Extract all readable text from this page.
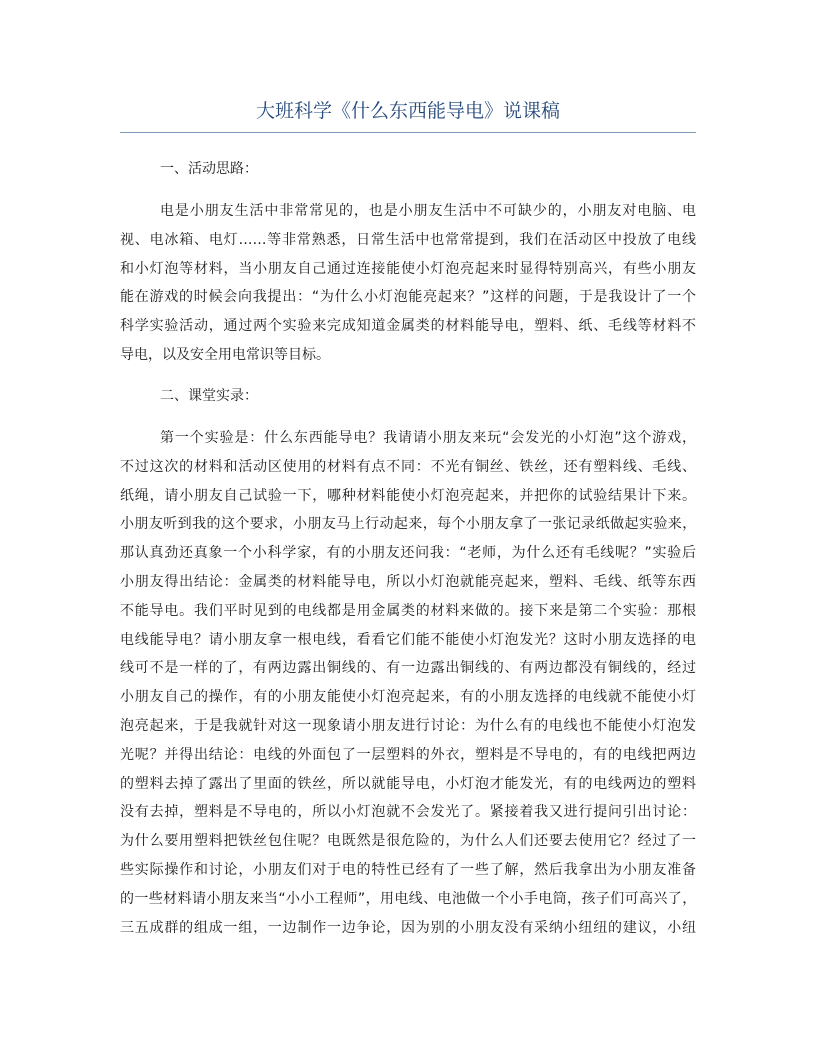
大班科学《什么东西能导电》说课稿

一、活动思路：

电是小朋友生活中非常常见的，也是小朋友生活中不可缺少的，小朋友对电脑、电
视、电冰箱、电灯……等非常熟悉，日常生活中也常常提到，我们在活动区中投放了电线
和小灯泡等材料，当小朋友自己通过连接能使小灯泡亮起来时显得特别高兴，有些小朋友
能在游戏的时候会向我提出：“为什么小灯泡能亮起来？”这样的问题，于是我设计了一个
科学实验活动，通过两个实验来完成知道金属类的材料能导电，塑料、纸、毛线等材料不
导电，以及安全用电常识等目标。

二、课堂实录：

第一个实验是：什么东西能导电？我请请小朋友来玩“会发光的小灯泡”这个游戏，
不过这次的材料和活动区使用的材料有点不同：不光有铜丝、铁丝，还有塑料线、毛线、
纸绳，请小朋友自己试验一下，哪种材料能使小灯泡亮起来，并把你的试验结果计下来。
小朋友听到我的这个要求，小朋友马上行动起来，每个小朋友拿了一张记录纸做起实验来，
那认真劲还真象一个小科学家，有的小朋友还问我：“老师，为什么还有毛线呢？”实验后
小朋友得出结论：金属类的材料能导电，所以小灯泡就能亮起来，塑料、毛线、纸等东西
不能导电。我们平时见到的电线都是用金属类的材料来做的。接下来是第二个实验：那根
电线能导电？请小朋友拿一根电线，看看它们能不能使小灯泡发光？这时小朋友选择的电
线可不是一样的了，有两边露出铜线的、有一边露出铜线的、有两边都没有铜线的，经过
小朋友自己的操作，有的小朋友能使小灯泡亮起来，有的小朋友选择的电线就不能使小灯
泡亮起来，于是我就针对这一现象请小朋友进行讨论：为什么有的电线也不能使小灯泡发
光呢？并得出结论：电线的外面包了一层塑料的外衣，塑料是不导电的，有的电线把两边
的塑料去掉了露出了里面的铁丝，所以就能导电，小灯泡才能发光，有的电线两边的塑料
没有去掉，塑料是不导电的，所以小灯泡就不会发光了。紧接着我又进行提问引出讨论：
为什么要用塑料把铁丝包住呢？电既然是很危险的，为什么人们还要去使用它？经过了一
些实际操作和讨论，小朋友们对于电的特性已经有了一些了解，然后我拿出为小朋友准备
的一些材料请小朋友来当“小小工程师”，用电线、电池做一个小手电筒，孩子们可高兴了，
三五成群的组成一组，一边制作一边争论，因为别的小朋友没有采纳小纽纽的建议，小纽
